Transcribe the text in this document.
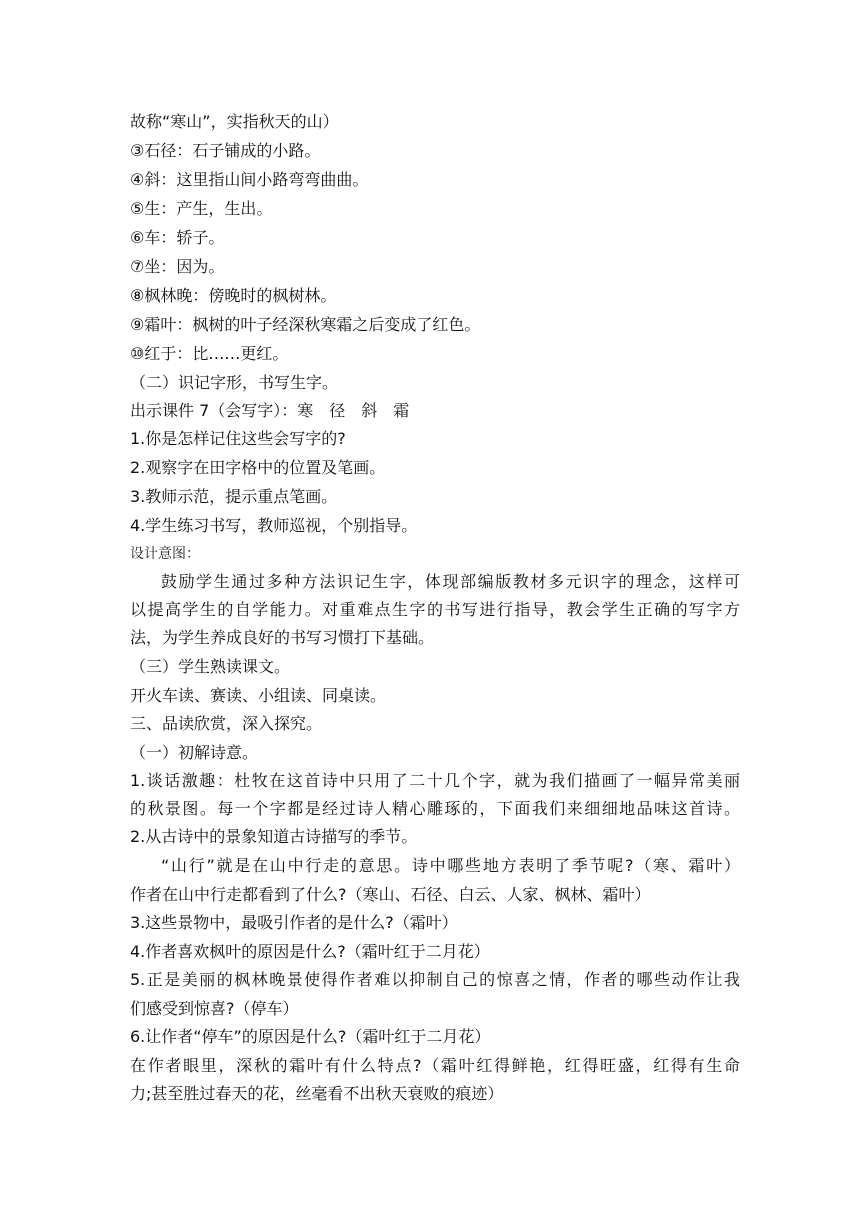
故称“寒山”，实指秋天的山）
③石径：石子铺成的小路。
④斜：这里指山间小路弯弯曲曲。
⑤生：产生，生出。
⑥车：轿子。
⑦坐：因为。
⑧枫林晚：傍晚时的枫树林。
⑨霜叶：枫树的叶子经深秋寒霜之后变成了红色。
⑩红于：比……更红。
（二）识记字形，书写生字。
出示课件 7（会写字）：寒　径　斜　霜
1.你是怎样记住这些会写字的?
2.观察字在田字格中的位置及笔画。
3.教师示范，提示重点笔画。
4.学生练习书写，教师巡视，个别指导。
设计意图：
鼓励学生通过多种方法识记生字，体现部编版教材多元识字的理念，这样可
以提高学生的自学能力。对重难点生字的书写进行指导，教会学生正确的写字方
法，为学生养成良好的书写习惯打下基础。
（三）学生熟读课文。
开火车读、赛读、小组读、同桌读。
三、品读欣赏，深入探究。
（一）初解诗意。
1.谈话激趣：杜牧在这首诗中只用了二十几个字，就为我们描画了一幅异常美丽
的秋景图。每一个字都是经过诗人精心雕琢的，下面我们来细细地品味这首诗。
2.从古诗中的景象知道古诗描写的季节。
“山行”就是在山中行走的意思。诗中哪些地方表明了季节呢?（寒、霜叶）
作者在山中行走都看到了什么?（寒山、石径、白云、人家、枫林、霜叶）
3.这些景物中，最吸引作者的是什么?（霜叶）
4.作者喜欢枫叶的原因是什么?（霜叶红于二月花）
5.正是美丽的枫林晚景使得作者难以抑制自己的惊喜之情，作者的哪些动作让我
们感受到惊喜?（停车）
6.让作者“停车”的原因是什么?（霜叶红于二月花）
在作者眼里，深秋的霜叶有什么特点?（霜叶红得鲜艳，红得旺盛，红得有生命
力;甚至胜过春天的花，丝毫看不出秋天衰败的痕迹）
